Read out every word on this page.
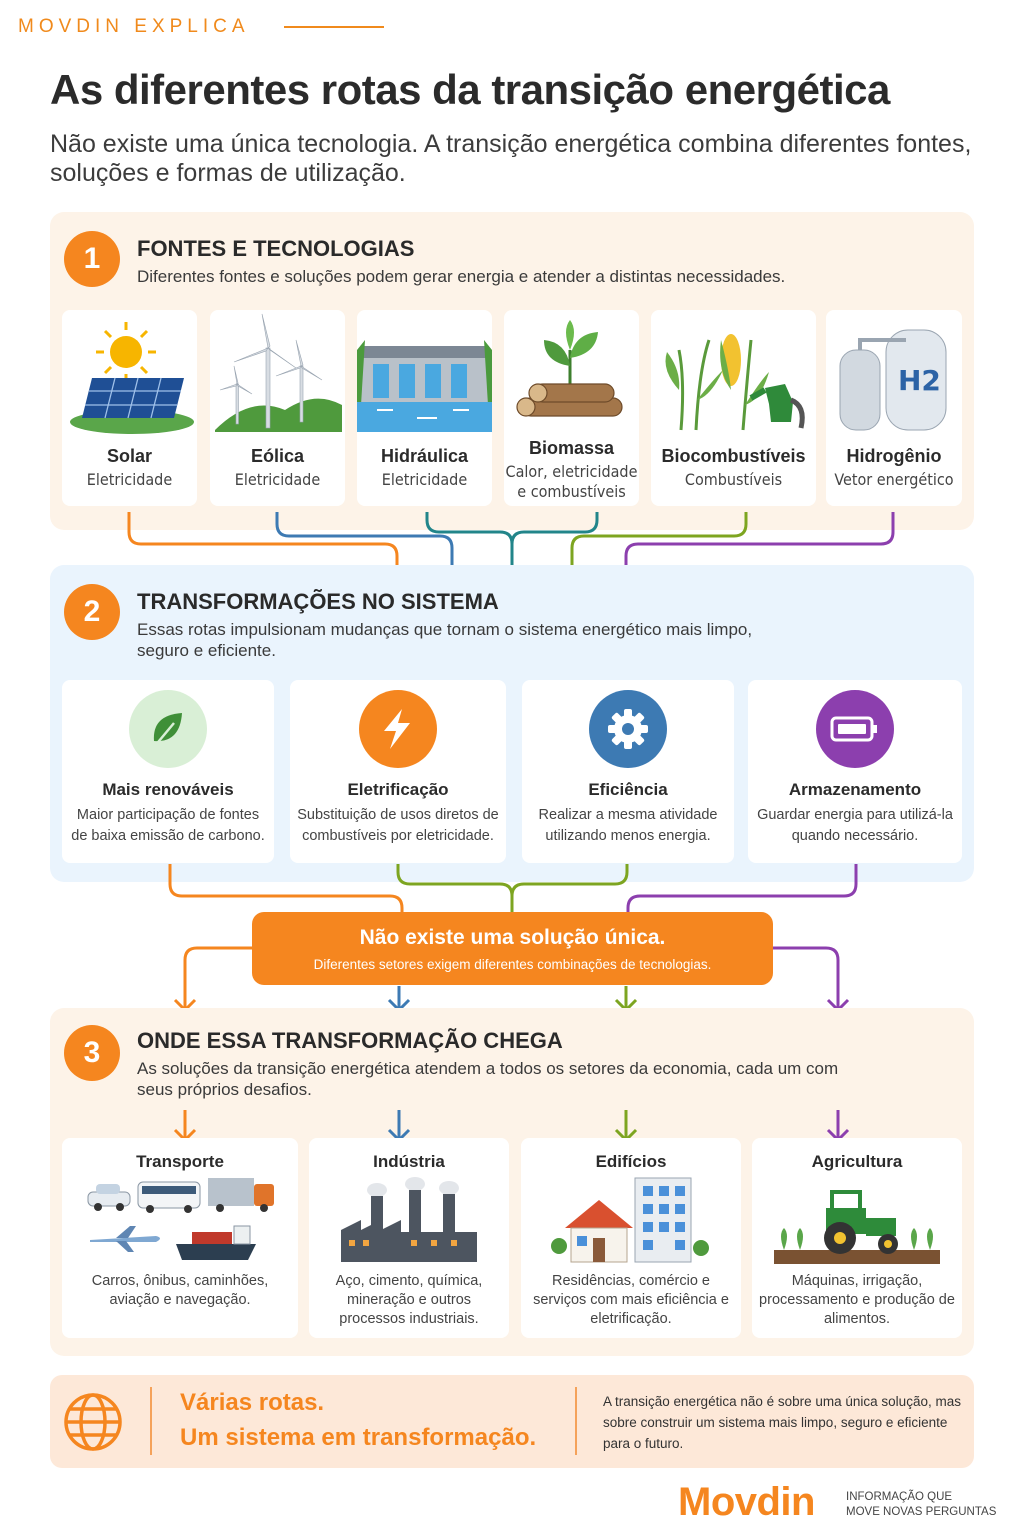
MOVDIN EXPLICA
As diferentes rotas da transição energética
Não existe uma única tecnologia. A transição energética combina diferentes fontes, soluções e formas de utilização.
1	FONTES E TECNOLOGIAS
Diferentes fontes e soluções podem gerar energia e atender a distintas necessidades.
Solar
Eletricidade
Eólica
Eletricidade
Hidráulica
Eletricidade
Biomassa
Calor, eletricidade e combustíveis
Biocombustíveis
Combustíveis
H2
Hidrogênio
Vetor energético
2	TRANSFORMAÇÕES NO SISTEMA
Essas rotas impulsionam mudanças que tornam o sistema energético mais limpo, seguro e eficiente.
Mais renováveis
Maior participação de fontes de baixa emissão de carbono.
Eletrificação
Substituição de usos diretos de combustíveis por eletricidade.
Eficiência
Realizar a mesma atividade utilizando menos energia.
Armazenamento
Guardar energia para utilizá-la quando necessário.
Não existe uma solução única.
Diferentes setores exigem diferentes combinações de tecnologias.
3	ONDE ESSA TRANSFORMAÇÃO CHEGA
As soluções da transição energética atendem a todos os setores da economia, cada um com seus próprios desafios.
Transporte
Carros, ônibus, caminhões, aviação e navegação.
Indústria
Aço, cimento, química, mineração e outros processos industriais.
Edifícios
Residências, comércio e serviços com mais eficiência e eletrificação.
Agricultura
Máquinas, irrigação, processamento e produção de alimentos.
Várias rotas.
Um sistema em transformação.
A transição energética não é sobre uma única solução, mas sobre construir um sistema mais limpo, seguro e eficiente para o futuro.
Movdin	INFORMAÇÃO QUE
MOVE NOVAS PERGUNTAS
